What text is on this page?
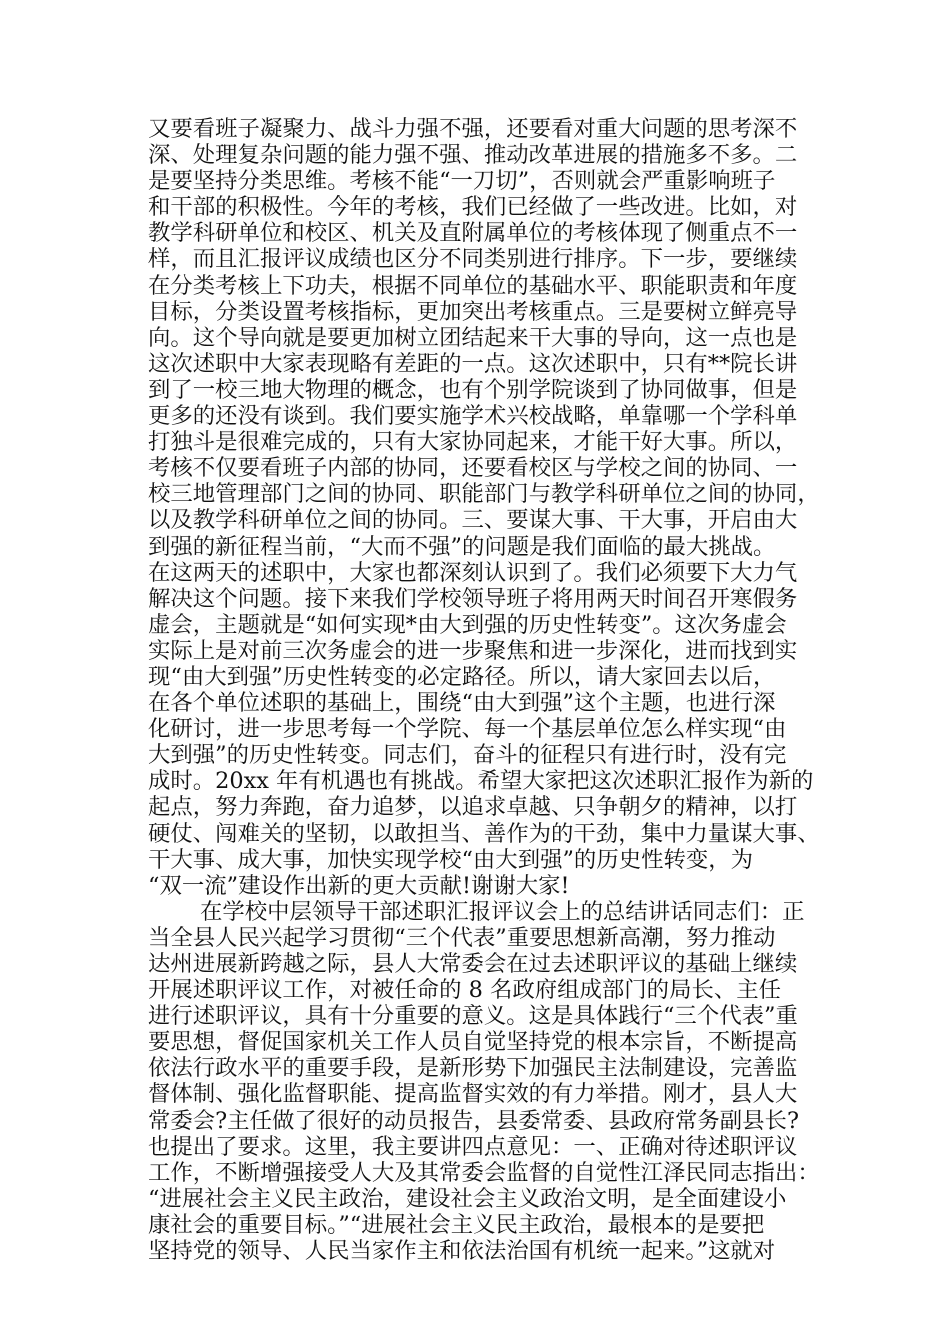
又要看班子凝聚力、战斗力强不强，还要看对重大问题的思考深不
深、处理复杂问题的能力强不强、推动改革进展的措施多不多。二
是要坚持分类思维。考核不能“一刀切”，否则就会严重影响班子
和干部的积极性。今年的考核，我们已经做了一些改进。比如，对
教学科研单位和校区、机关及直附属单位的考核体现了侧重点不一
样，而且汇报评议成绩也区分不同类别进行排序。下一步，要继续
在分类考核上下功夫，根据不同单位的基础水平、职能职责和年度
目标，分类设置考核指标，更加突出考核重点。三是要树立鲜亮导
向。这个导向就是要更加树立团结起来干大事的导向，这一点也是
这次述职中大家表现略有差距的一点。这次述职中，只有**院长讲
到了一校三地大物理的概念，也有个别学院谈到了协同做事，但是
更多的还没有谈到。我们要实施学术兴校战略，单靠哪一个学科单
打独斗是很难完成的，只有大家协同起来，才能干好大事。所以，
考核不仅要看班子内部的协同，还要看校区与学校之间的协同、一
校三地管理部门之间的协同、职能部门与教学科研单位之间的协同，
以及教学科研单位之间的协同。三、要谋大事、干大事，开启由大
到强的新征程当前，“大而不强”的问题是我们面临的最大挑战。
在这两天的述职中，大家也都深刻认识到了。我们必须要下大力气
解决这个问题。接下来我们学校领导班子将用两天时间召开寒假务
虚会，主题就是“如何实现*由大到强的历史性转变”。这次务虚会
实际上是对前三次务虚会的进一步聚焦和进一步深化，进而找到实
现“由大到强”历史性转变的必定路径。所以，请大家回去以后，
在各个单位述职的基础上，围绕“由大到强”这个主题，也进行深
化研讨，进一步思考每一个学院、每一个基层单位怎么样实现“由
大到强”的历史性转变。同志们，奋斗的征程只有进行时，没有完
成时。20xx 年有机遇也有挑战。希望大家把这次述职汇报作为新的
起点，努力奔跑，奋力追梦，以追求卓越、只争朝夕的精神，以打
硬仗、闯难关的坚韧，以敢担当、善作为的干劲，集中力量谋大事、
干大事、成大事，加快实现学校“由大到强”的历史性转变，为
“双一流”建设作出新的更大贡献!谢谢大家!
在学校中层领导干部述职汇报评议会上的总结讲话同志们：正
当全县人民兴起学习贯彻“三个代表”重要思想新高潮，努力推动
达州进展新跨越之际，县人大常委会在过去述职评议的基础上继续
开展述职评议工作，对被任命的 8 名政府组成部门的局长、主任
进行述职评议，具有十分重要的意义。这是具体践行“三个代表”重
要思想，督促国家机关工作人员自觉坚持党的根本宗旨，不断提高
依法行政水平的重要手段，是新形势下加强民主法制建设，完善监
督体制、强化监督职能、提高监督实效的有力举措。刚才，县人大
常委会?主任做了很好的动员报告，县委常委、县政府常务副县长?
也提出了要求。这里，我主要讲四点意见：一、正确对待述职评议
工作，不断增强接受人大及其常委会监督的自觉性江泽民同志指出：
“进展社会主义民主政治，建设社会主义政治文明，是全面建设小
康社会的重要目标。”“进展社会主义民主政治，最根本的是要把
坚持党的领导、人民当家作主和依法治国有机统一起来。”这就对
